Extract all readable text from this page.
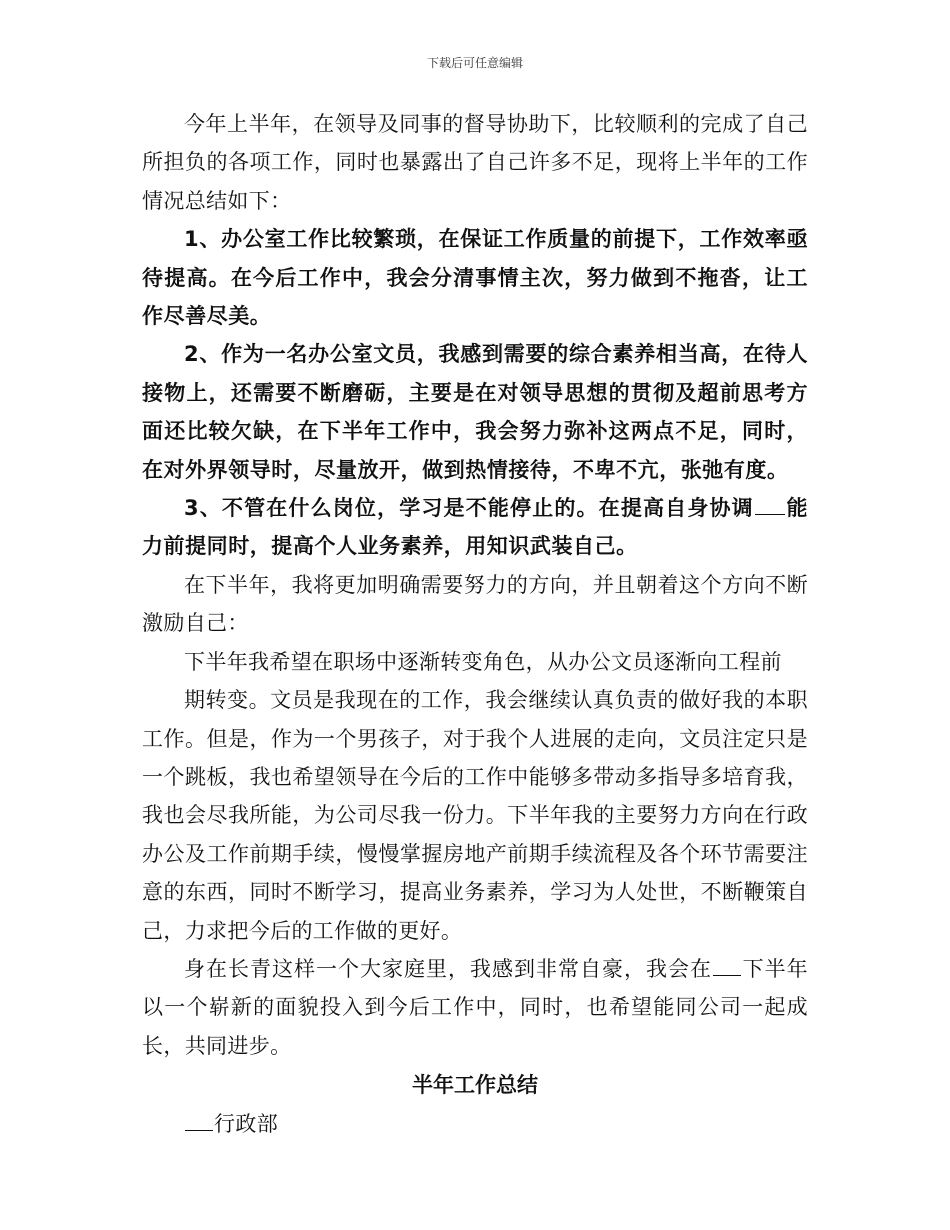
下载后可任意编辑

今年上半年，在领导及同事的督导协助下，比较顺利的完成了自己所担负的各项工作，同时也暴露出了自己许多不足，现将上半年的工作情况总结如下：

1、办公室工作比较繁琐，在保证工作质量的前提下，工作效率亟待提高。在今后工作中，我会分清事情主次，努力做到不拖沓，让工作尽善尽美。

2、作为一名办公室文员，我感到需要的综合素养相当高，在待人接物上，还需要不断磨砺，主要是在对领导思想的贯彻及超前思考方面还比较欠缺，在下半年工作中，我会努力弥补这两点不足，同时，在对外界领导时，尽量放开，做到热情接待，不卑不亢，张弛有度。

3、不管在什么岗位，学习是不能停止的。在提高自身协调 能力前提同时，提高个人业务素养，用知识武装自己。

在下半年，我将更加明确需要努力的方向，并且朝着这个方向不断激励自己：

下半年我希望在职场中逐渐转变角色，从办公文员逐渐向工程前

期转变。文员是我现在的工作，我会继续认真负责的做好我的本职工作。但是，作为一个男孩子，对于我个人进展的走向，文员注定只是一个跳板，我也希望领导在今后的工作中能够多带动多指导多培育我，我也会尽我所能，为公司尽我一份力。下半年我的主要努力方向在行政办公及工作前期手续，慢慢掌握房地产前期手续流程及各个环节需要注意的东西，同时不断学习，提高业务素养，学习为人处世，不断鞭策自己，力求把今后的工作做的更好。

身在长青这样一个大家庭里，我感到非常自豪，我会在 下半年以一个崭新的面貌投入到今后工作中，同时，也希望能同公司一起成长，共同进步。

半年工作总结

行政部
